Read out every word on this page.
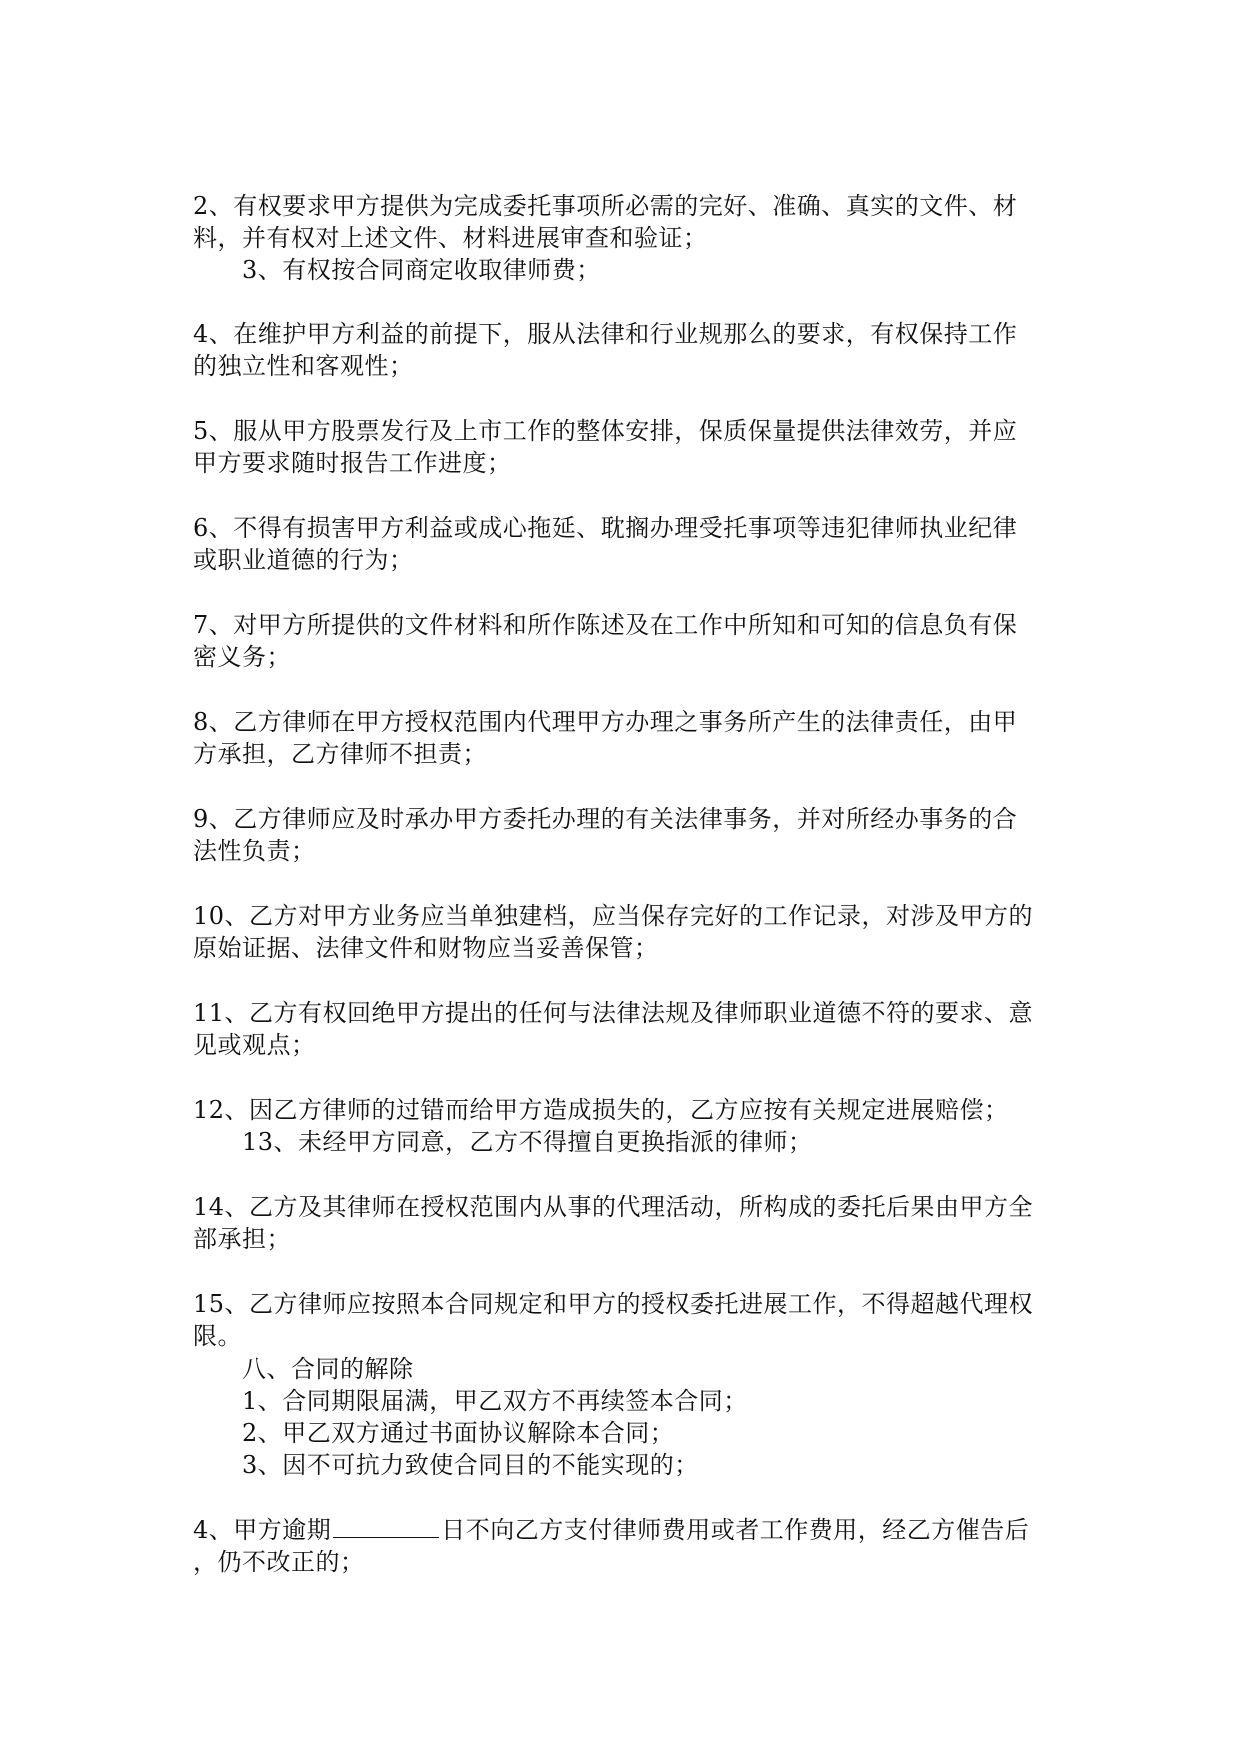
2、有权要求甲方提供为完成委托事项所必需的完好、准确、真实的文件、材
料，并有权对上述文件、材料进展审查和验证；
3、有权按合同商定收取律师费；
4、在维护甲方利益的前提下，服从法律和行业规那么的要求，有权保持工作
的独立性和客观性；
5、服从甲方股票发行及上市工作的整体安排，保质保量提供法律效劳，并应
甲方要求随时报告工作进度；
6、不得有损害甲方利益或成心拖延、耽搁办理受托事项等违犯律师执业纪律
或职业道德的行为；
7、对甲方所提供的文件材料和所作陈述及在工作中所知和可知的信息负有保
密义务；
8、乙方律师在甲方授权范围内代理甲方办理之事务所产生的法律责任，由甲
方承担，乙方律师不担责；
9、乙方律师应及时承办甲方委托办理的有关法律事务，并对所经办事务的合
法性负责；
10、乙方对甲方业务应当单独建档，应当保存完好的工作记录，对涉及甲方的
原始证据、法律文件和财物应当妥善保管；
11、乙方有权回绝甲方提出的任何与法律法规及律师职业道德不符的要求、意
见或观点；
12、因乙方律师的过错而给甲方造成损失的，乙方应按有关规定进展赔偿；
13、未经甲方同意，乙方不得擅自更换指派的律师；
14、乙方及其律师在授权范围内从事的代理活动，所构成的委托后果由甲方全
部承担；
15、乙方律师应按照本合同规定和甲方的授权委托进展工作，不得超越代理权
限。
八、合同的解除
1、合同期限届满，甲乙双方不再续签本合同；
2、甲乙双方通过书面协议解除本合同；
3、因不可抗力致使合同目的不能实现的；
4、甲方逾期	日不向乙方支付律师费用或者工作费用，经乙方催告后
，仍不改正的；
